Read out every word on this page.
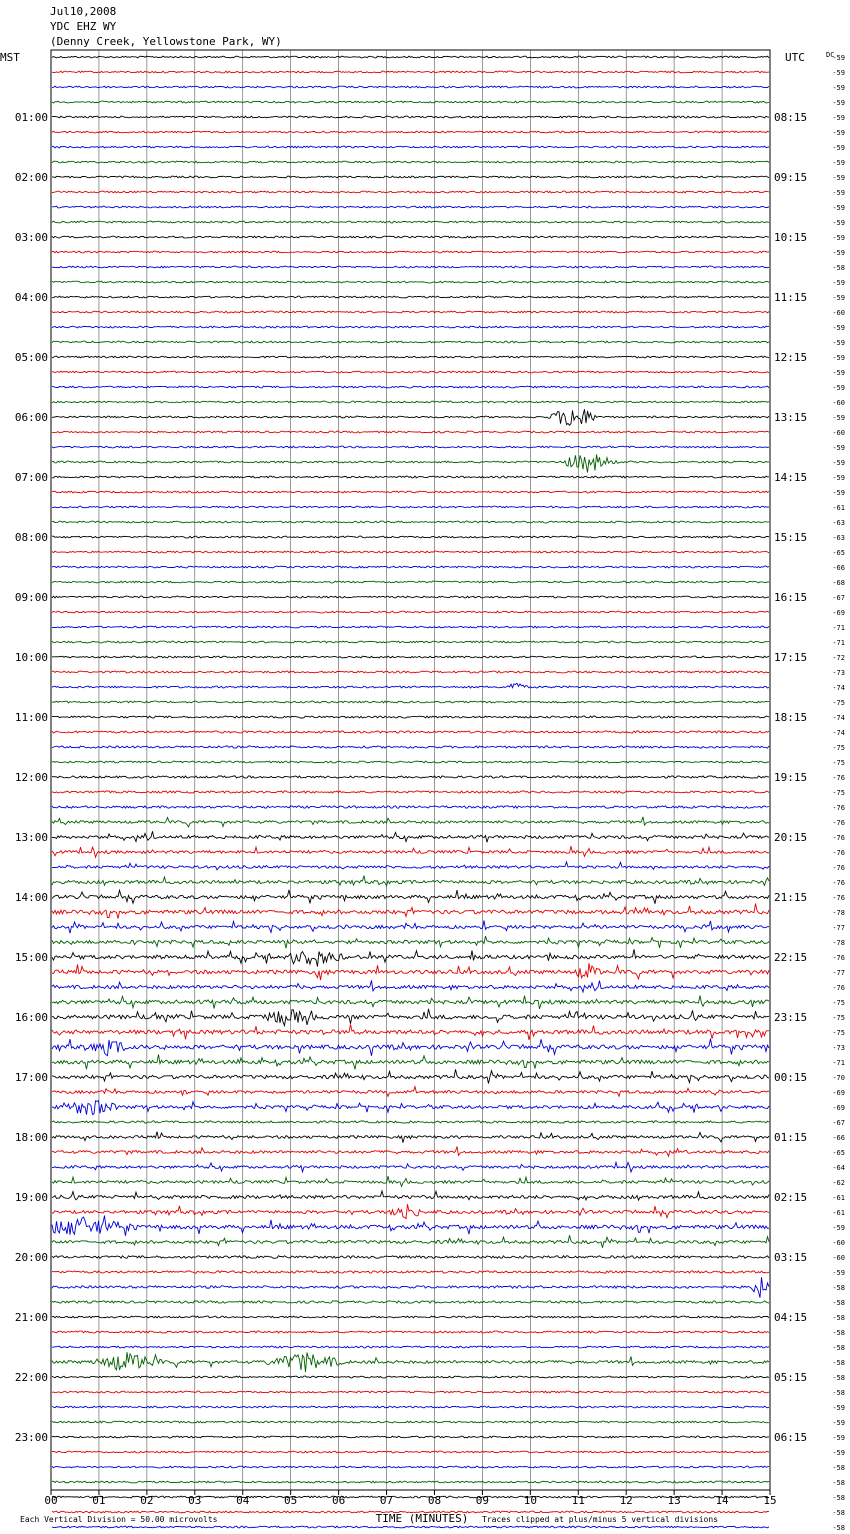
Jul10,2008
YDC EHZ WY
(Denny Creek, Yellowstone Park, WY)
-59
-59
-59
-59
-59
-59
-59
-59
-59
-59
-59
-59
-59
-59
-58
-59
-59
-60
-59
-59
-59
-59
-59
-60
-59
-60
-59
-59
-59
-59
-61
-63
-63
-65
-66
-68
-67
-69
-71
-71
-72
-73
-74
-75
-74
-74
-75
-75
-76
-75
-76
-76
-76
-76
-76
-76
-76
-78
-77
-78
-76
-77
-76
-75
-75
-75
-73
-71
-70
-69
-69
-67
-66
-65
-64
-62
-61
-61
-59
-60
-60
-59
-58
-58
-58
-58
-58
-58
-58
-58
-59
-59
-59
-59
-58
-58
-58
-58
-58
01:00
02:00
03:00
04:00
05:00
06:00
07:00
08:00
09:00
10:00
11:00
12:00
13:00
14:00
15:00
16:00
17:00
18:00
19:00
20:00
21:00
22:00
23:00
08:15
09:15
10:15
11:15
12:15
13:15
14:15
15:15
16:15
17:15
18:15
19:15
20:15
21:15
22:15
23:15
00:15
01:15
02:15
03:15
04:15
05:15
06:15
MST	UTC	DC
00	01	02	03	04	05	06	07	08	09	10	11	12	13	14	15
TIME (MINUTES)
Each Vertical Division = 50.00 microvolts	Traces clipped at plus/minus 5 vertical divisions
